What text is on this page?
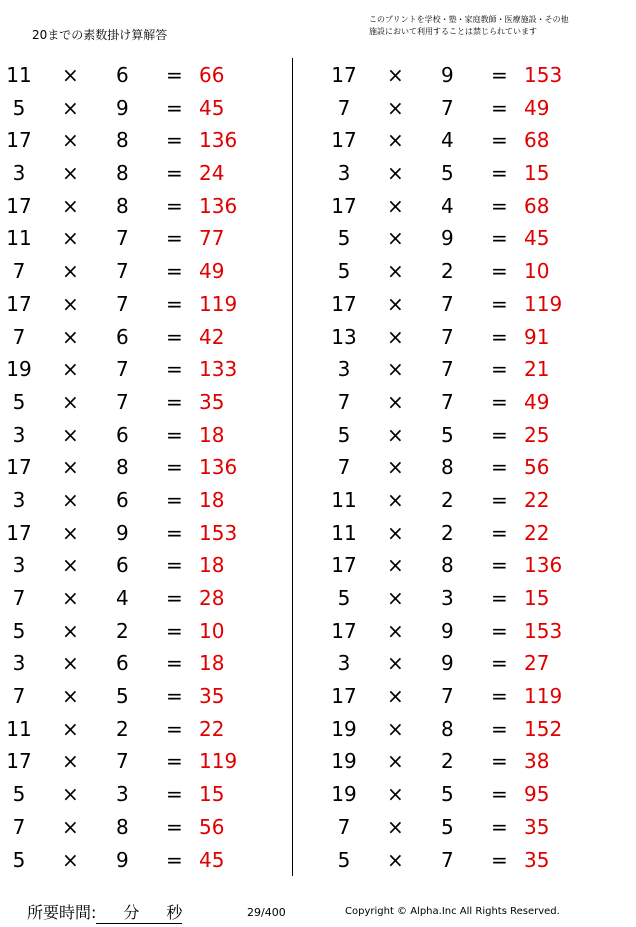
20までの素数掛け算解答
このプリントを学校・塾・家庭教師・医療施設・その他
施設において利用することは禁じられています
11 × 6 = 66
5	× 9 = 45
17 × 8 = 136
3	× 8 = 24
17 × 8 = 136
11 × 7 = 77
7	× 7 = 49
17 × 7 = 119
7	× 6 = 42
19 × 7 = 133
5	× 7 = 35
3	× 6 = 18
17 × 8 = 136
3	× 6 = 18
17 × 9 = 153
3	× 6 = 18
7	× 4 = 28
5	× 2 = 10
3	× 6 = 18
7	× 5 = 35
11 × 2 = 22
17 × 7 = 119
5	× 3 = 15
7	× 8 = 56
5	× 9 = 45
17 × 9 = 153
7	× 7 = 49
17 × 4 = 68
3	× 5 = 15
17 × 4 = 68
5	× 9 = 45
5	× 2 = 10
17 × 7 = 119
13 × 7 = 91
3	× 7 = 21
7	× 7 = 49
5	× 5 = 25
7	× 8 = 56
11 × 2 = 22
11 × 2 = 22
17 × 8 = 136
5	× 3 = 15
17 × 9 = 153
3	× 9 = 27
17 × 7 = 119
19 × 8 = 152
19 × 2 = 38
19 × 5 = 95
7	× 5 = 35
5	× 7 = 35
所要時間: 分 秒	29/400	Copyright © Alpha.Inc All Rights Reserved.
